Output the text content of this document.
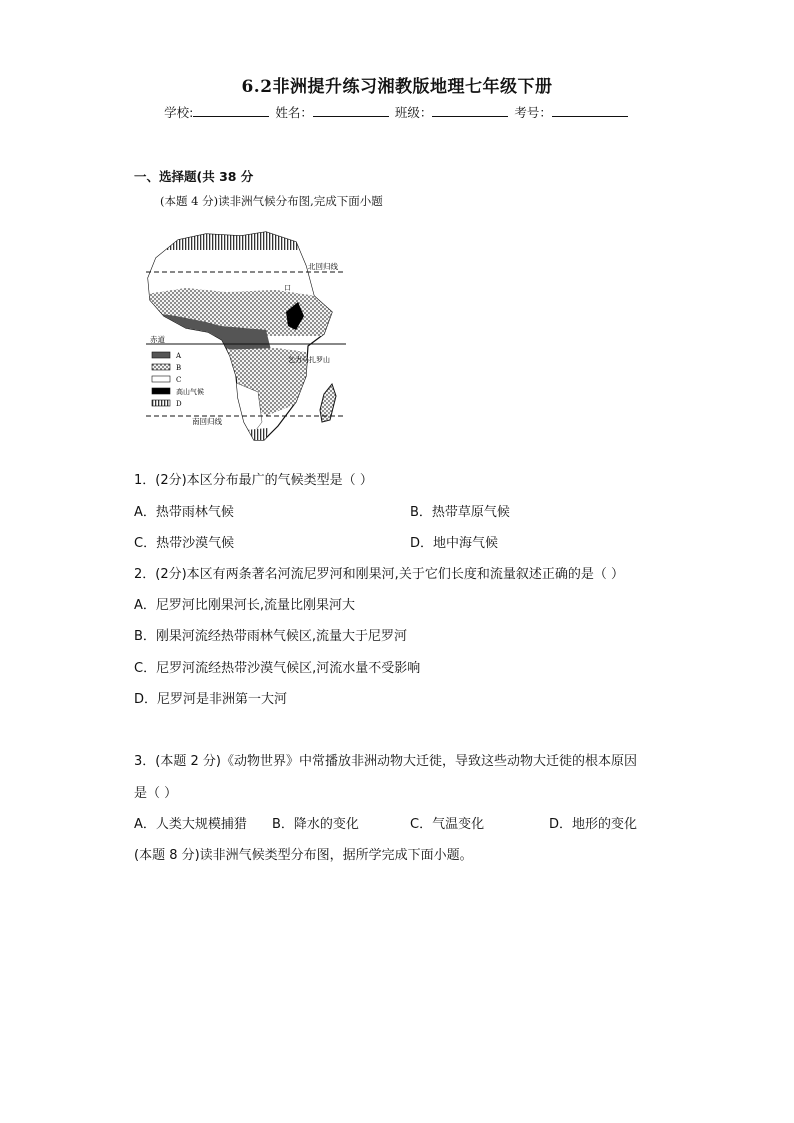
6.2非洲提升练习湘教版地理七年级下册
学校:	姓名：	班级：	考号：
一、选择题(共 38 分
(本题 4 分)读非洲气候分布图,完成下面小题
北回归线
赤道
南回归线
乞力马扎罗山
口
A
B
C
高山气候
D
1．(2分)本区分布最广的气候类型是（ ）
A．热带雨林气候	B．热带草原气候
C．热带沙漠气候	D．地中海气候
2．(2分)本区有两条著名河流尼罗河和刚果河,关于它们长度和流量叙述正确的是（ ）
A．尼罗河比刚果河长,流量比刚果河大
B．刚果河流经热带雨林气候区,流量大于尼罗河
C．尼罗河流经热带沙漠气候区,河流水量不受影响
D．尼罗河是非洲第一大河
3．(本题 2 分)《动物世界》中常播放非洲动物大迁徙，导致这些动物大迁徙的根本原因
是（ ）
A．人类大规模捕猎 B．降水的变化	C．气温变化	D．地形的变化
(本题 8 分)读非洲气候类型分布图，据所学完成下面小题。
